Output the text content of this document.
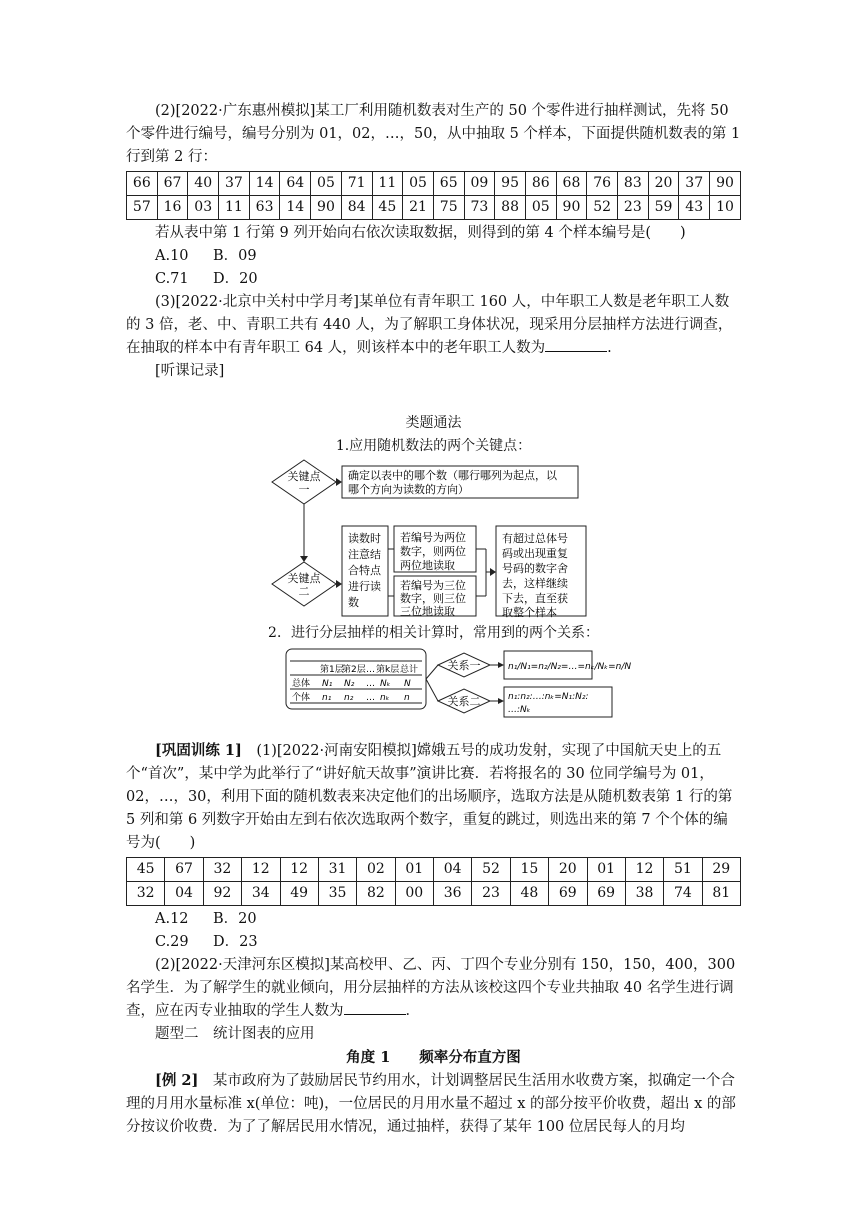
(2)[2022·广东惠州模拟]某工厂利用随机数表对生产的 50 个零件进行抽样测试，先将 50 个零件进行编号，编号分别为 01，02，…，50，从中抽取 5 个样本，下面提供随机数表的第 1 行到第 2 行：

66	67	40	37	14	64	05	71	11	05	65	09	95	86	68	76	83	20	37	90
57	16	03	11	63	14	90	84	45	21	75	73	88	05	90	52	23	59	43	10

若从表中第 1 行第 9 列开始向右依次读取数据，则得到的第 4 个样本编号是(　　)

A.10 B．09

C.71 D．20

(3)[2022·北京中关村中学月考]某单位有青年职工 160 人，中年职工人数是老年职工人数的 3 倍，老、中、青职工共有 440 人，为了解职工身体状况，现采用分层抽样方法进行调查，在抽取的样本中有青年职工 64 人，则该样本中的老年职工人数为	.

[听课记录]

类题通法

1.应用随机数法的两个关键点：

关键点
一
关键点
二
确定以表中的哪个数（哪行哪列为起点，以
哪个方向为读数的方向）
读数时
注意结
合特点
进行读
数
若编号为两位
数字，则两位
两位地读取
若编号为三位
数字，则三位
三位地读取
有超过总体号
码或出现重复
号码的数字舍
去，这样继续
下去，直至获
取整个样本

2．进行分层抽样的相关计算时，常用到的两个关系：

第1层
第2层 … 第k层 总计
总体 N₁ N₂ … Nₖ N
个体 n₁ n₂ … nₖ n
关系一
关系二
n₁/N₁=n₂/N₂=…=nₖ/Nₖ=n/N
n₁:n₂:…:nₖ=N₁:N₂:
…:Nₖ

[巩固训练 1]　 (1)[2022·河南安阳模拟]嫦娥五号的成功发射，实现了中国航天史上的五个“首次”，某中学为此举行了“讲好航天故事”演讲比赛．若将报名的 30 位同学编号为 01，02，…，30，利用下面的随机数表来决定他们的出场顺序，选取方法是从随机数表第 1 行的第 5 列和第 6 列数字开始由左到右依次选取两个数字，重复的跳过，则选出来的第 7 个个体的编号为(　　)

45	67	32	12	12	31	02	01	04	52	15	20	01	12	51	29
32	04	92	34	49	35	82	00	36	23	48	69	69	38	74	81

A.12 B．20

C.29 D．23

(2)[2022·天津河东区模拟]某高校甲、乙、丙、丁四个专业分别有 150，150，400，300 名学生．为了解学生的就业倾向，用分层抽样的方法从该校这四个专业共抽取 40 名学生进行调查，应在丙专业抽取的学生人数为	．

题型二　统计图表的应用

角度 1　　频率分布直方图

[例 2]　 某市政府为了鼓励居民节约用水，计划调整居民生活用水收费方案，拟确定一个合理的月用水量标准 x(单位：吨)，一位居民的月用水量不超过 x 的部分按平价收费，超出 x 的部分按议价收费．为了了解居民用水情况，通过抽样，获得了某年 100 位居民每人的月均
